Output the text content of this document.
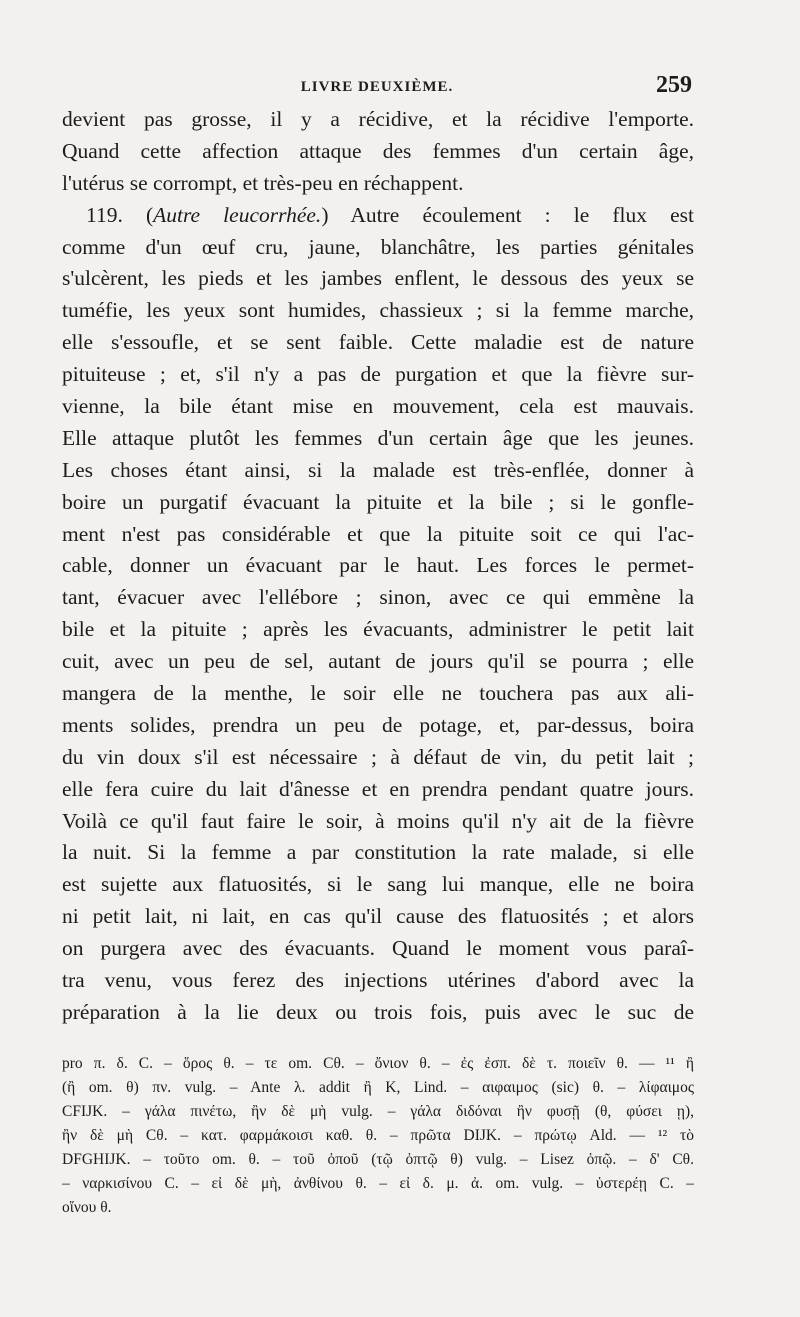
LIVRE DEUXIÈME.	259
devient pas grosse, il y a récidive, et la récidive l'emporte.
Quand cette affection attaque des femmes d'un certain âge,
l'utérus se corrompt, et très-peu en réchappent.
119. (Autre leucorrhée.) Autre écoulement : le flux est
comme d'un œuf cru, jaune, blanchâtre, les parties génitales
s'ulcèrent, les pieds et les jambes enflent, le dessous des yeux se
tuméfie, les yeux sont humides, chassieux ; si la femme marche,
elle s'essoufle, et se sent faible. Cette maladie est de nature
pituiteuse ; et, s'il n'y a pas de purgation et que la fièvre sur-
vienne, la bile étant mise en mouvement, cela est mauvais.
Elle attaque plutôt les femmes d'un certain âge que les jeunes.
Les choses étant ainsi, si la malade est très-enflée, donner à
boire un purgatif évacuant la pituite et la bile ; si le gonfle-
ment n'est pas considérable et que la pituite soit ce qui l'ac-
cable, donner un évacuant par le haut. Les forces le permet-
tant, évacuer avec l'ellébore ; sinon, avec ce qui emmène la
bile et la pituite ; après les évacuants, administrer le petit lait
cuit, avec un peu de sel, autant de jours qu'il se pourra ; elle
mangera de la menthe, le soir elle ne touchera pas aux ali-
ments solides, prendra un peu de potage, et, par-dessus, boira
du vin doux s'il est nécessaire ; à défaut de vin, du petit lait ;
elle fera cuire du lait d'ânesse et en prendra pendant quatre jours.
Voilà ce qu'il faut faire le soir, à moins qu'il n'y ait de la fièvre
la nuit. Si la femme a par constitution la rate malade, si elle
est sujette aux flatuosités, si le sang lui manque, elle ne boira
ni petit lait, ni lait, en cas qu'il cause des flatuosités ; et alors
on purgera avec des évacuants. Quand le moment vous paraî-
tra venu, vous ferez des injections utérines d'abord avec la
préparation à la lie deux ou trois fois, puis avec le suc de
pro π. δ. C. – ὅρος θ. – τε om. Cθ. – ὄνιον θ. – ἐς ἐσπ. δὲ τ. ποιεῖν θ. — ¹¹ ἢ
(ἢ om. θ) πν. vulg. – Ante λ. addit ἢ K, Lind. – αιφαιμος (sic) θ. – λίφαιμος
CFIJK. – γάλα πινέτω, ἢν δὲ μὴ vulg. – γάλα διδόναι ἢν φυσῇ (θ, φύσει ῃ),
ἢν δὲ μὴ Cθ. – κατ. φαρμάκοισι καθ. θ. – πρῶτα DIJK. – πρώτῳ Ald. — ¹² τὸ
DFGHIJK. – τοῦτο om. θ. – τοῦ ὀποῦ (τῷ ὀπτῷ θ) vulg. – Lisez ὀπῷ. – δ' Cθ.
– ναρκισίνου C. – εἰ δὲ μὴ, ἀνθίνου θ. – εἰ δ. μ. ἀ. om. vulg. – ὑστερέῃ C. –
οἴνου θ.
